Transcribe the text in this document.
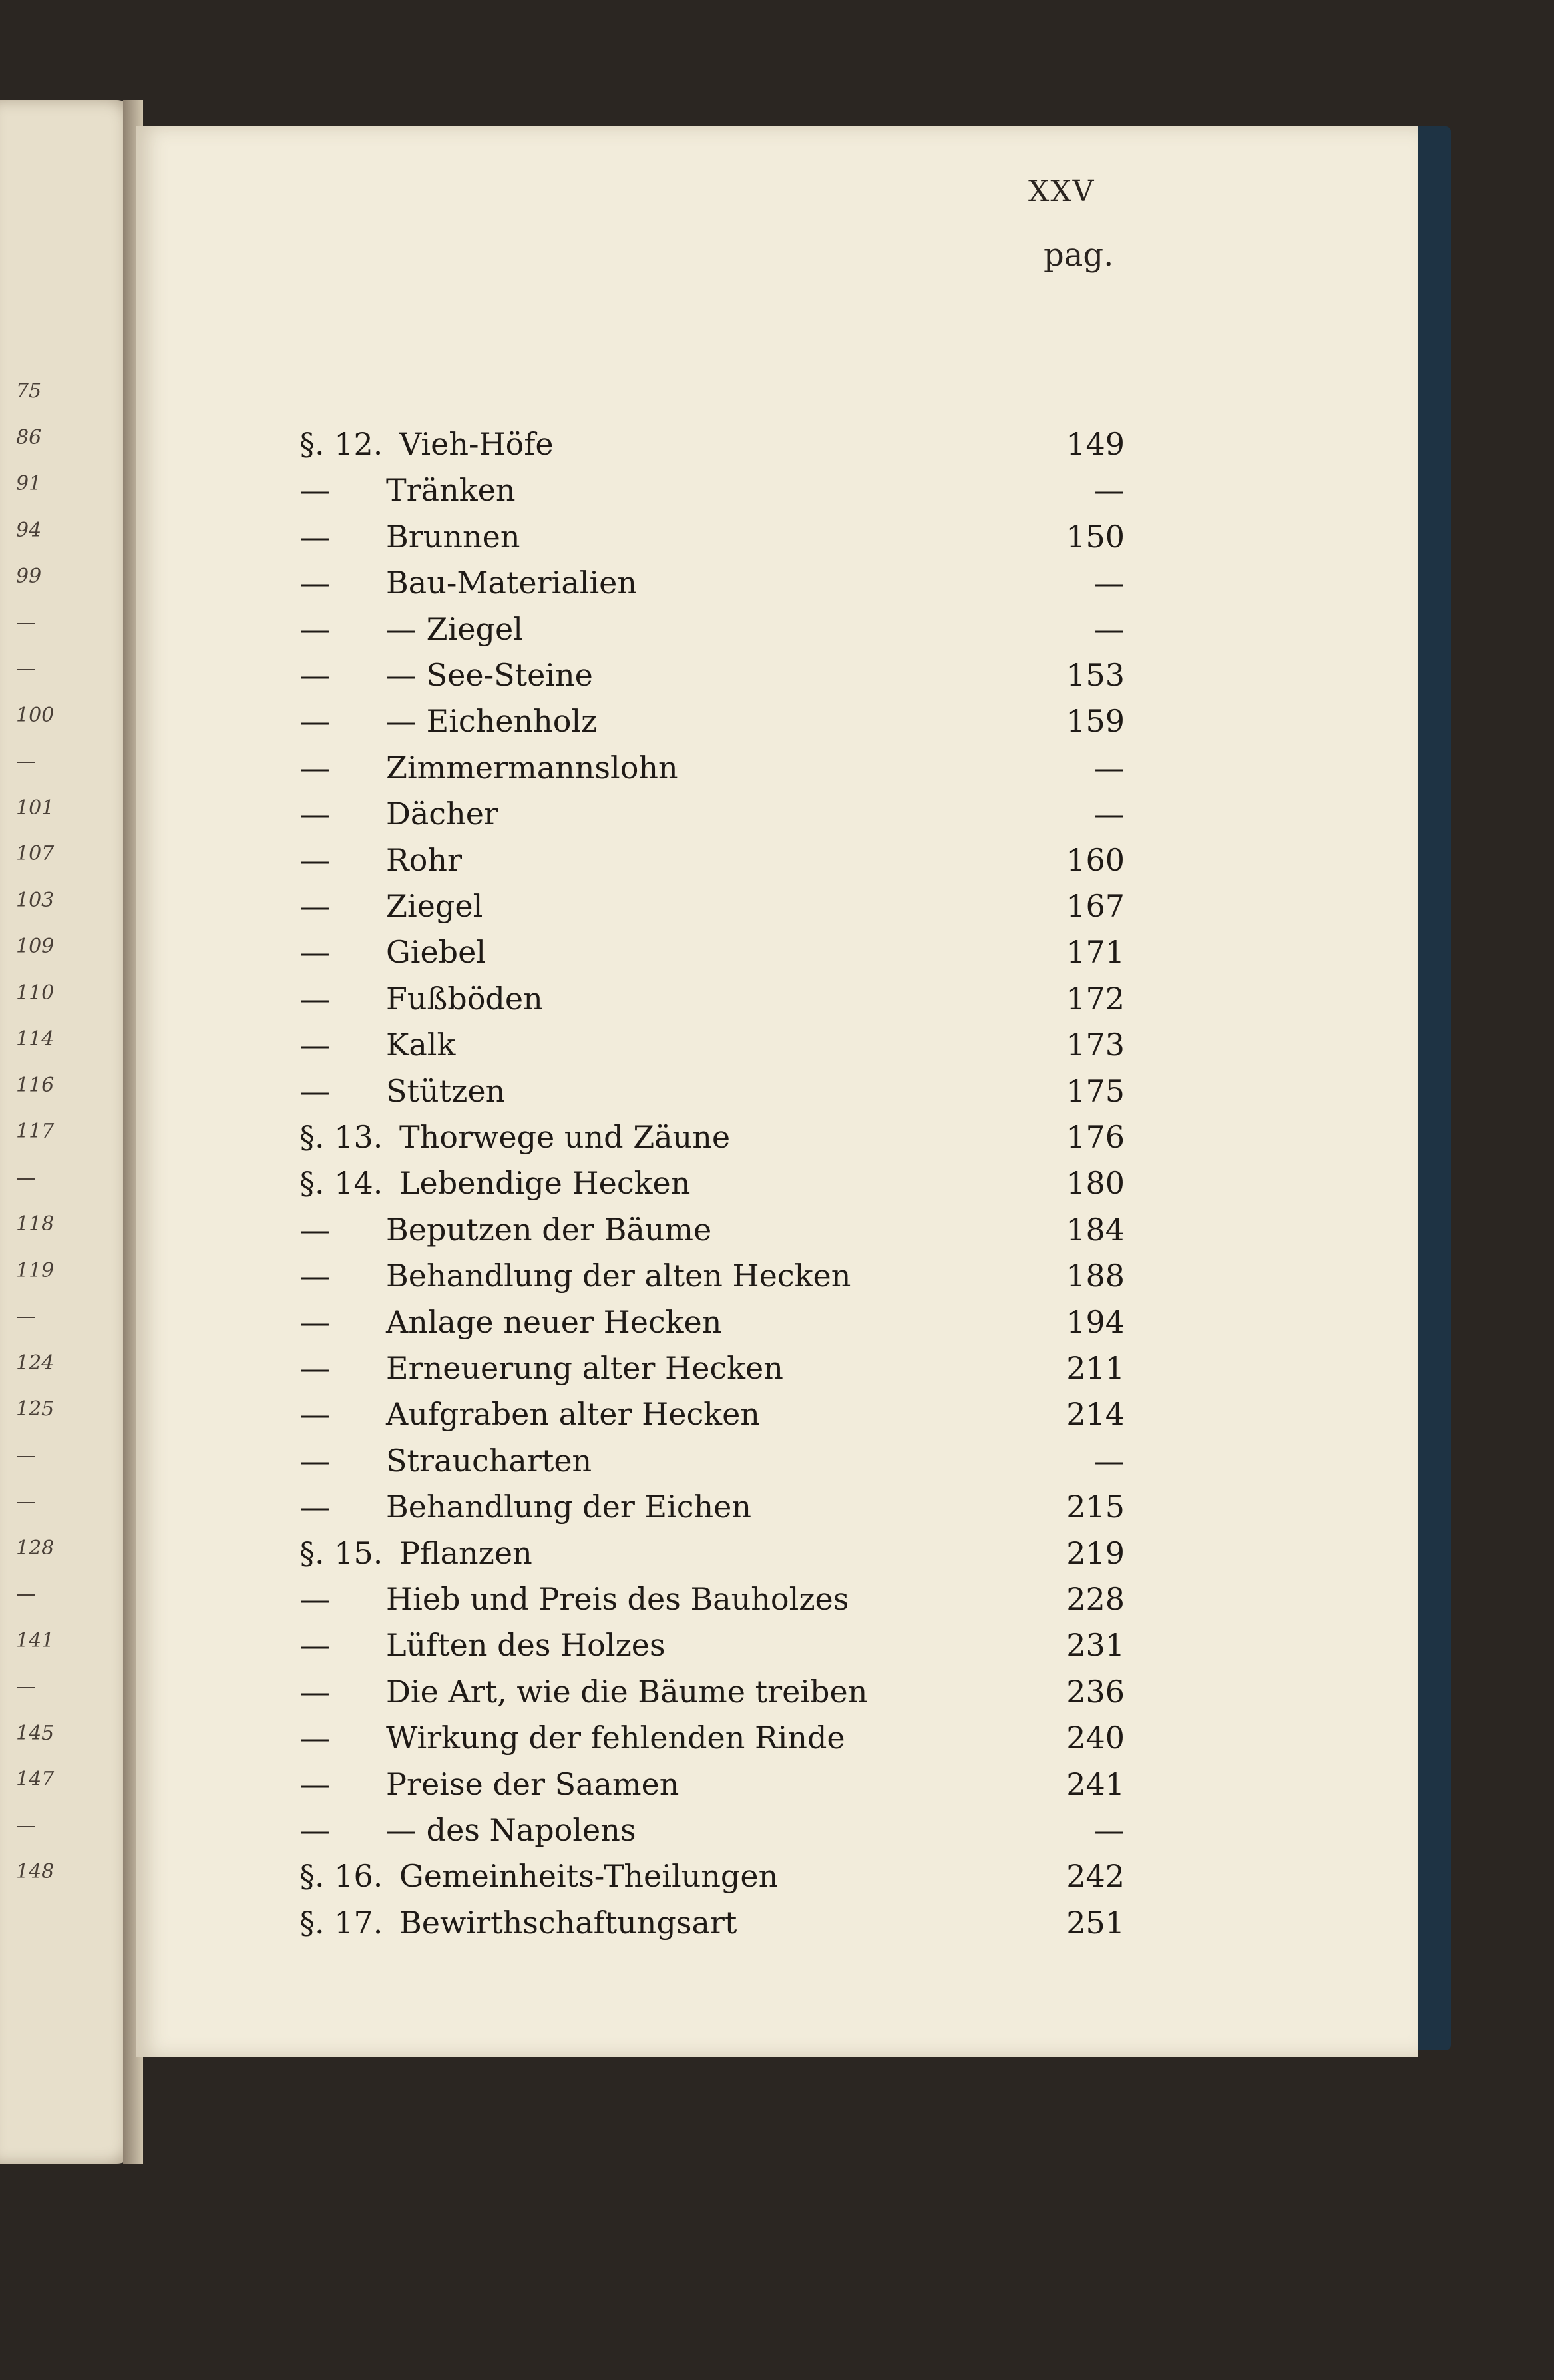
75
86
91
94
99
—
—
100
—
101
107
103
109
110
114
116
117
—
118
119
—
124
125
—
—
128
—
141
—
145
147
—
148
XXV
pag.
§. 12. Vieh-Höfe	149
—	Tränken	—
—	Brunnen	150
—	Bau-Materialien	—
—	— Ziegel	—
—	— See-Steine	153
—	— Eichenholz	159
—	Zimmermannslohn	—
—	Dächer	—
—	Rohr	160
—	Ziegel	167
—	Giebel	171
—	Fußböden	172
—	Kalk	173
—	Stützen	175
§. 13. Thorwege und Zäune	176
§. 14. Lebendige Hecken	180
—	Beputzen der Bäume	184
—	Behandlung der alten Hecken	188
—	Anlage neuer Hecken	194
—	Erneuerung alter Hecken	211
—	Aufgraben alter Hecken	214
—	Straucharten	—
—	Behandlung der Eichen	215
§. 15. Pflanzen	219
—	Hieb und Preis des Bauholzes	228
—	Lüften des Holzes	231
—	Die Art, wie die Bäume treiben	236
—	Wirkung der fehlenden Rinde	240
—	Preise der Saamen	241
—	— des Napolens	—
§. 16. Gemeinheits-Theilungen	242
§. 17. Bewirthschaftungsart	251
